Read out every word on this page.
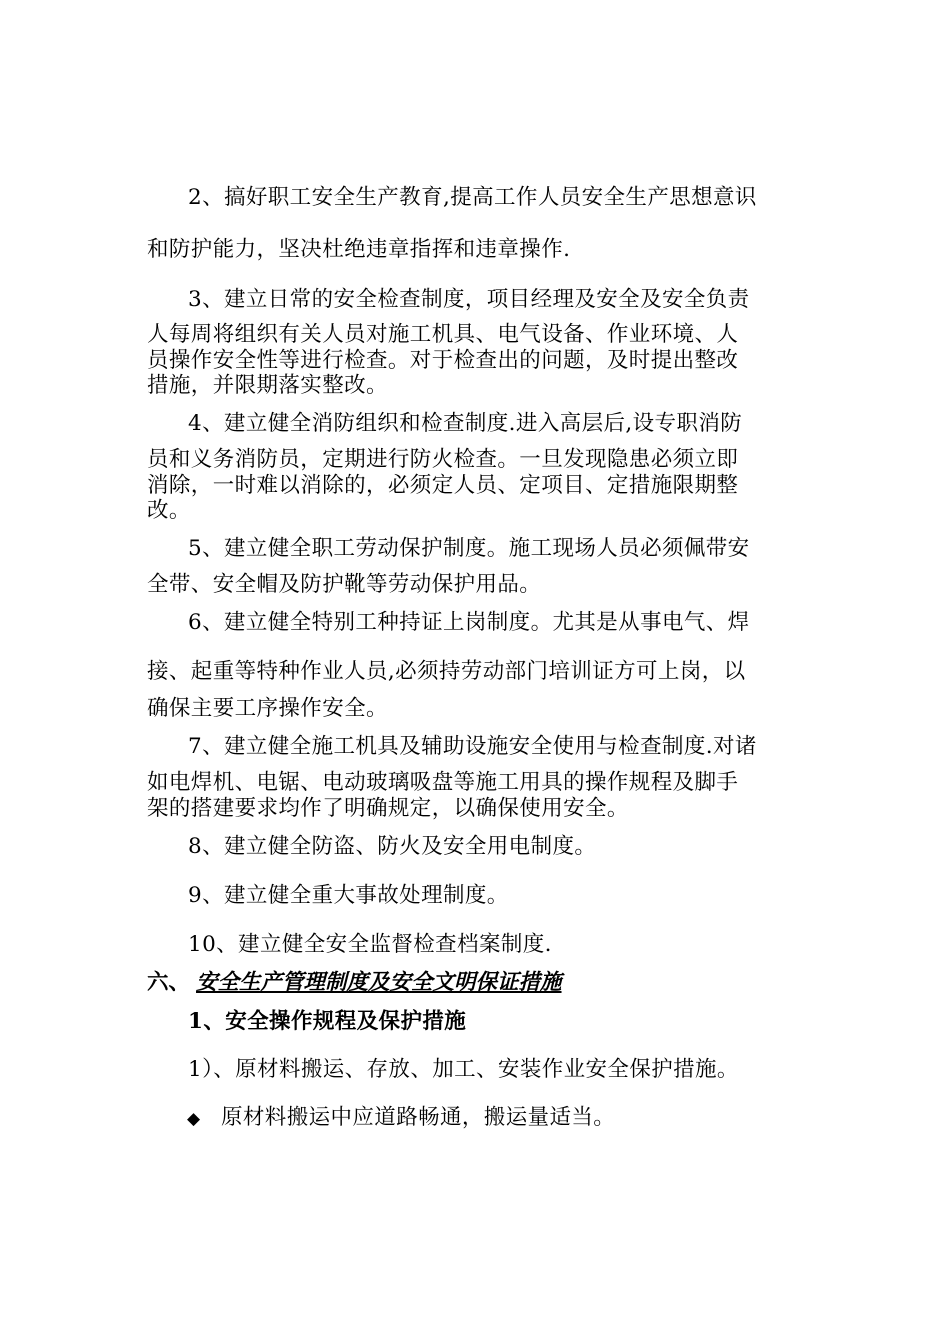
2、搞好职工安全生产教育,提高工作人员安全生产思想意识
和防护能力，坚决杜绝违章指挥和违章操作.
3、建立日常的安全检查制度，项目经理及安全及安全负责
人每周将组织有关人员对施工机具、电气设备、作业环境、人
员操作安全性等进行检查。对于检查出的问题，及时提出整改
措施，并限期落实整改。
4、建立健全消防组织和检查制度.进入高层后,设专职消防
员和义务消防员，定期进行防火检查。一旦发现隐患必须立即
消除，一时难以消除的，必须定人员、定项目、定措施限期整
改。
5、建立健全职工劳动保护制度。施工现场人员必须佩带安
全带、安全帽及防护靴等劳动保护用品。
6、建立健全特别工种持证上岗制度。尤其是从事电气、焊
接、起重等特种作业人员,必须持劳动部门培训证方可上岗，以
确保主要工序操作安全。
7、建立健全施工机具及辅助设施安全使用与检查制度.对诸
如电焊机、电锯、电动玻璃吸盘等施工用具的操作规程及脚手
架的搭建要求均作了明确规定，以确保使用安全。
8、建立健全防盗、防火及安全用电制度。
9、建立健全重大事故处理制度。
10、建立健全安全监督检查档案制度.
六、 安全生产管理制度及安全文明保证措施
1、安全操作规程及保护措施
1）、原材料搬运、存放、加工、安装作业安全保护措施。
◆ 原材料搬运中应道路畅通，搬运量适当。
